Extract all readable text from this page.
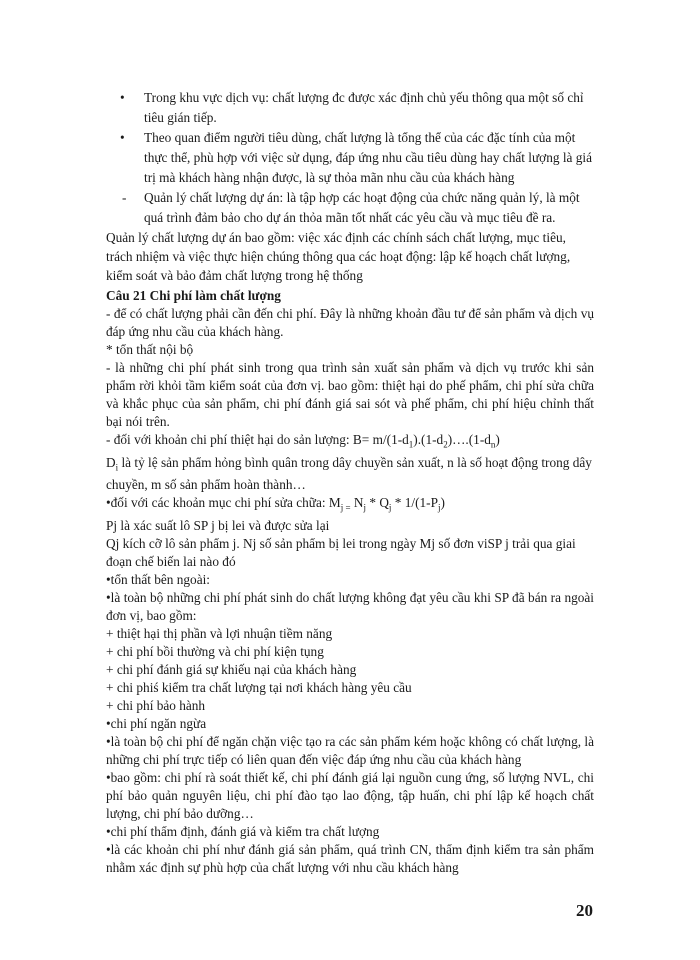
• Trong khu vực dịch vụ: chất lượng đc được xác định chủ yếu thông qua một số chỉ tiêu gián tiếp.
• Theo quan điểm người tiêu dùng, chất lượng là tổng thể của các đặc tính của một thực thể, phù hợp với việc sử dụng, đáp ứng nhu cầu tiêu dùng hay chất lượng là giá trị mà khách hàng nhận được, là sự thỏa mãn nhu cầu của khách hàng
- Quản lý chất lượng dự án: là tập hợp các hoạt động của chức năng quản lý, là một quá trình đảm bảo cho dự án thỏa mãn tốt nhất các yêu cầu và mục tiêu đề ra.

Quản lý chất lượng dự án bao gồm: việc xác định các chính sách chất lượng, mục tiêu, trách nhiệm và việc thực hiện chúng thông qua các hoạt động: lập kế hoạch chất lượng, kiểm soát và bảo đảm chất lượng trong hệ thống

Câu 21 Chi phí làm chất lượng

- để có chất lượng phải cần đến chi phí. Đây là những khoản đầu tư để sản phẩm và dịch vụ đáp ứng nhu cầu của khách hàng.

* tổn thất nội bộ

- là những chi phí phát sinh trong qua trình sản xuất sản phẩm và dịch vụ trước khi sản phẩm rời khỏi tầm kiểm soát của đơn vị. bao gồm: thiệt hại do phế phẩm, chi phí sửa chữa và khắc phục của sản phẩm, chi phí đánh giá sai sót và phế phẩm, chi phí hiệu chỉnh thất bại nói trên.

- đối với khoản chi phí thiệt hại do sản lượng: $B= m/(1-d_1).(1-d_2)\dots.(1-d_n)$

$D_i$ là tỷ lệ sản phẩm hỏng bình quân trong dây chuyền sản xuất, n là số hoạt động trong dây chuyền, m số sản phẩm hoàn thành…

•đối với các khoản mục chi phí sửa chữa: $M_{j =}$ $N_j * Q_j * 1/(1-P_j)$

Pj là xác suất lô SP j bị lei và được sửa lại

Qj kích cỡ lô sản phẩm j. Nj số sản phẩm bị lei trong ngày Mj số đơn viSP j trải qua giai đoạn chế biến lai nào đó

•tổn thất bên ngoài:

•là toàn bộ những chi phí phát sinh do chất lượng không đạt yêu cầu khi SP đã bán ra ngoài đơn vị, bao gồm:

+ thiệt hại thị phần và lợi nhuận tiềm năng

+ chi phí bồi thường và chi phí kiện tụng

+ chi phí đánh giá sự khiếu nại của khách hàng

+ chi phiś kiểm tra chất lượng tại nơi khách hàng yêu cầu

+ chi phí bảo hành

•chi phí ngăn ngừa

•là toàn bộ chi phí để ngăn chặn việc tạo ra các sản phẩm kém hoặc không có chất lượng, là những chi phí trực tiếp có liên quan đến việc đáp ứng nhu cầu của khách hàng

•bao gồm: chi phí rà soát thiết kế, chi phí đánh giá lại nguồn cung ứng, số lượng NVL, chi phí bảo quản nguyên liệu, chi phí đào tạo lao động, tập huấn, chi phí lập kế hoạch chất lượng, chi phí bảo dưỡng…

•chi phí thẩm định, đánh giá và kiểm tra chất lượng

•là các khoản chi phí như đánh giá sản phẩm, quá trình CN, thẩm định kiểm tra sản phẩm nhằm xác định sự phù hợp của chất lượng với nhu cầu khách hàng

20
